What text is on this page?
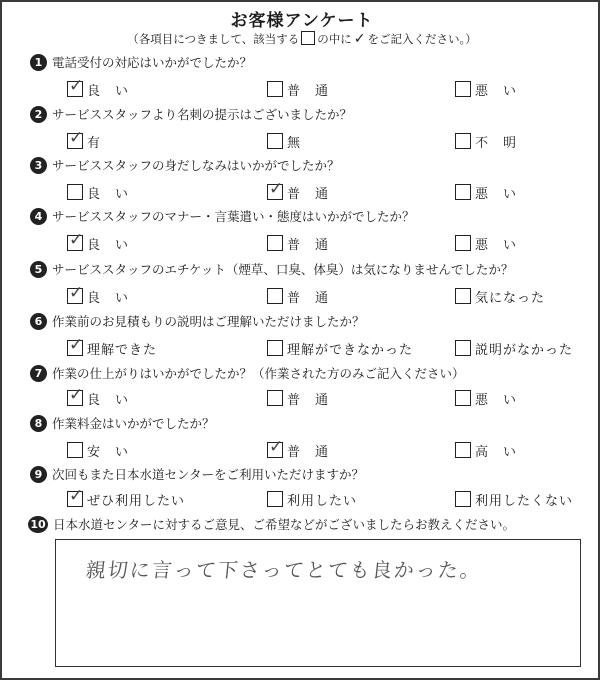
お客様アンケート
（各項目につきまして、該当する の中に ✓ をご記入ください。）
1 電話受付の対応はいかがでしたか？
✓ 良　い	普　通	悪　い
2 サービススタッフより名刺の提示はございましたか？
✓ 有	無	不　明
3 サービススタッフの身だしなみはいかがでしたか？
良　い	✓ 普　通	悪　い
4 サービススタッフのマナー・言葉遣い・態度はいかがでしたか？
✓ 良　い	普　通	悪　い
5 サービススタッフのエチケット（煙草、口臭、体臭）は気になりませんでしたか？
✓ 良　い	普　通	気になった
6 作業前のお見積もりの説明はご理解いただけましたか？
✓ 理解できた	理解ができなかった	説明がなかった
7 作業の仕上がりはいかがでしたか？（作業された方のみご記入ください）
✓ 良　い	普　通	悪　い
8 作業料金はいかがでしたか？
安　い	✓ 普　通	高　い
9 次回もまた日本水道センターをご利用いただけますか？
✓ ぜひ利用したい	利用したい	利用したくない
10 日本水道センターに対するご意見、ご希望などがございましたらお教えください。
親切に言って下さってとても良かった。
